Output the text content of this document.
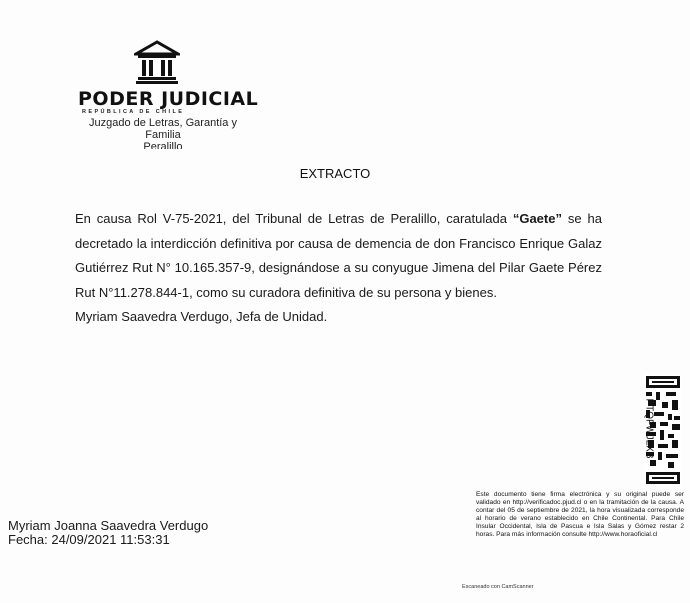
PODER JUDICIAL
REPÚBLICA DE CHILE
Juzgado de Letras, Garantía y
Familia
Peralillo
EXTRACTO
En causa Rol V-75-2021, del Tribunal de Letras de Peralillo, caratulada “Gaete” se ha decretado la interdicción definitiva por causa de demencia de don Francisco Enrique Galaz Gutiérrez Rut N° 10.165.357-9, designándose a su conyugue Jimena del Pilar Gaete Pérez Rut N°11.278.844-1, como su curadora definitiva de su persona y bienes.
Myriam Saavedra Verdugo, Jefa de Unidad.
PTQFWJLXB
Este documento tiene firma electrónica y su original puede ser validado en http://verificadoc.pjud.cl o en la tramitación de la causa. A contar del 05 de septiembre de 2021, la hora visualizada corresponde al horario de verano establecido en Chile Continental. Para Chile Insular Occidental, Isla de Pascua e Isla Salas y Gómez restar 2 horas. Para más información consulte http://www.horaoficial.cl
Myriam Joanna Saavedra Verdugo
Fecha: 24/09/2021 11:53:31
Escaneado con CamScanner
